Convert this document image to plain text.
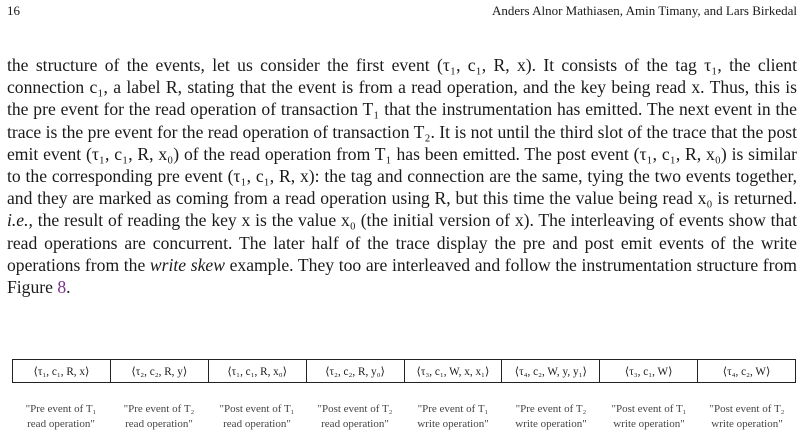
16	Anders Alnor Mathiasen, Amin Timany, and Lars Birkedal

the structure of the events, let us consider the first event (τ₁, c₁, R, x). It consists of the tag τ₁, the client connection c₁, a label R, stating that the event is from a read operation, and the key being read x. Thus, this is the pre event for the read operation of transaction T₁ that the instrumentation has emitted. The next event in the trace is the pre event for the read operation of transaction T₂. It is not until the third slot of the trace that the post emit event (τ₁, c₁, R, x₀) of the read operation from T₁ has been emitted. The post event (τ₁, c₁, R, x₀) is similar to the corresponding pre event (τ₁, c₁, R, x): the tag and connection are the same, tying the two events together, and they are marked as coming from a read operation using R, but this time the value being read x₀ is returned. i.e., the result of reading the key x is the value x₀ (the initial version of x). The interleaving of events show that read operations are concurrent. The later half of the trace display the pre and post emit events of the write operations from the write skew example. They too are interleaved and follow the instrumentation structure from Figure 8.

⟨τ₁, c₁, R, x⟩	⟨τ₂, c₂, R, y⟩	⟨τ₁, c₁, R, x₀⟩	⟨τ₂, c₂, R, y₀⟩	⟨τ₃, c₁, W, x, x₁⟩	⟨τ₄, c₂, W, y, y₁⟩	⟨τ₃, c₁, W⟩	⟨τ₄, c₂, W⟩
"Pre event of T₁
read operation"
"Pre event of T₂
read operation"
"Post event of T₁
read operation"
"Post event of T₂
read operation"
"Pre event of T₁
write operation"
"Pre event of T₂
write operation"
"Post event of T₁
write operation"
"Post event of T₂
write operation"
